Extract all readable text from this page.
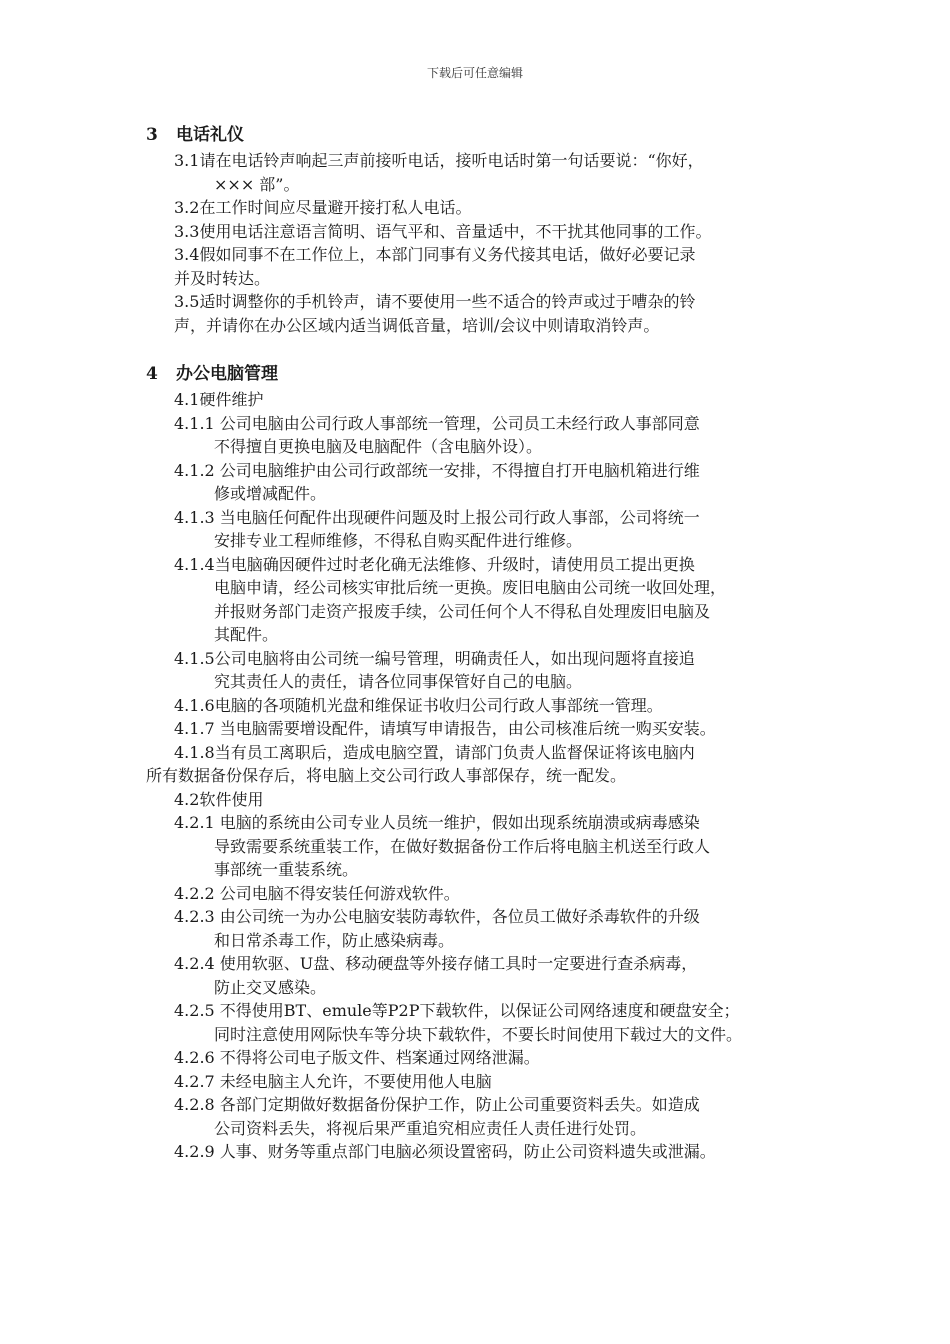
下载后可任意编辑
3 电话礼仪
3.1请在电话铃声响起三声前接听电话，接听电话时第一句话要说：“你好，
××× 部”。
3.2在工作时间应尽量避开接打私人电话。
3.3使用电话注意语言简明、语气平和、音量适中，不干扰其他同事的工作。
3.4假如同事不在工作位上，本部门同事有义务代接其电话，做好必要记录
并及时转达。
3.5适时调整你的手机铃声，请不要使用一些不适合的铃声或过于嘈杂的铃
声，并请你在办公区域内适当调低音量，培训/会议中则请取消铃声。
4 办公电脑管理
4.1硬件维护
4.1.1 公司电脑由公司行政人事部统一管理，公司员工未经行政人事部同意
不得擅自更换电脑及电脑配件（含电脑外设）。
4.1.2 公司电脑维护由公司行政部统一安排，不得擅自打开电脑机箱进行维
修或增减配件。
4.1.3 当电脑任何配件出现硬件问题及时上报公司行政人事部，公司将统一
安排专业工程师维修，不得私自购买配件进行维修。
4.1.4当电脑确因硬件过时老化确无法维修、升级时，请使用员工提出更换
电脑申请，经公司核实审批后统一更换。废旧电脑由公司统一收回处理，
并报财务部门走资产报废手续，公司任何个人不得私自处理废旧电脑及
其配件。
4.1.5公司电脑将由公司统一编号管理，明确责任人，如出现问题将直接追
究其责任人的责任，请各位同事保管好自己的电脑。
4.1.6电脑的各项随机光盘和维保证书收归公司行政人事部统一管理。
4.1.7 当电脑需要增设配件，请填写申请报告，由公司核准后统一购买安装。
4.1.8当有员工离职后，造成电脑空置，请部门负责人监督保证将该电脑内
所有数据备份保存后，将电脑上交公司行政人事部保存，统一配发。
4.2软件使用
4.2.1 电脑的系统由公司专业人员统一维护，假如出现系统崩溃或病毒感染
导致需要系统重装工作，在做好数据备份工作后将电脑主机送至行政人
事部统一重装系统。
4.2.2 公司电脑不得安装任何游戏软件。
4.2.3 由公司统一为办公电脑安装防毒软件，各位员工做好杀毒软件的升级
和日常杀毒工作，防止感染病毒。
4.2.4 使用软驱、U盘、移动硬盘等外接存储工具时一定要进行查杀病毒，
防止交叉感染。
4.2.5 不得使用BT、emule等P2P下载软件，以保证公司网络速度和硬盘安全；
同时注意使用网际快车等分块下载软件，不要长时间使用下载过大的文件。
4.2.6 不得将公司电子版文件、档案通过网络泄漏。
4.2.7 未经电脑主人允许，不要使用他人电脑
4.2.8 各部门定期做好数据备份保护工作，防止公司重要资料丢失。如造成
公司资料丢失，将视后果严重追究相应责任人责任进行处罚。
4.2.9 人事、财务等重点部门电脑必须设置密码，防止公司资料遗失或泄漏。
